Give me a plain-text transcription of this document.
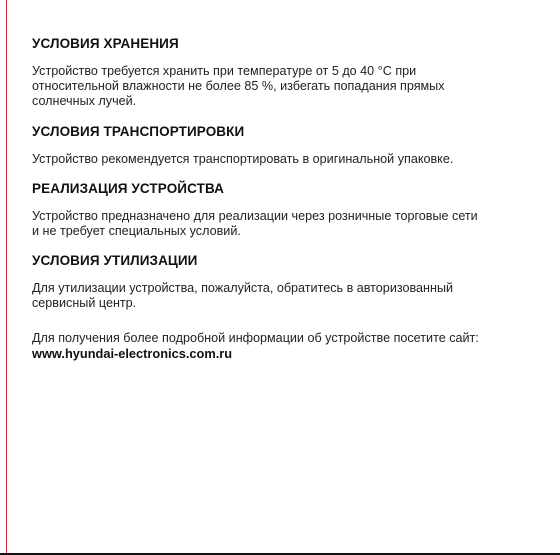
УСЛОВИЯ ХРАНЕНИЯ
Устройство требуется хранить при температуре от 5 до 40 °С при
относительной влажности не более 85 %, избегать попадания прямых
солнечных лучей.
УСЛОВИЯ ТРАНСПОРТИРОВКИ
Устройство рекомендуется транспортировать в оригинальной упаковке.
РЕАЛИЗАЦИЯ УСТРОЙСТВА
Устройство предназначено для реализации через розничные торговые сети
и не требует специальных условий.
УСЛОВИЯ УТИЛИЗАЦИИ
Для утилизации устройства, пожалуйста, обратитесь в авторизованный
сервисный центр.
Для получения более подробной информации об устройстве посетите сайт:
www.hyundai-electronics.com.ru
